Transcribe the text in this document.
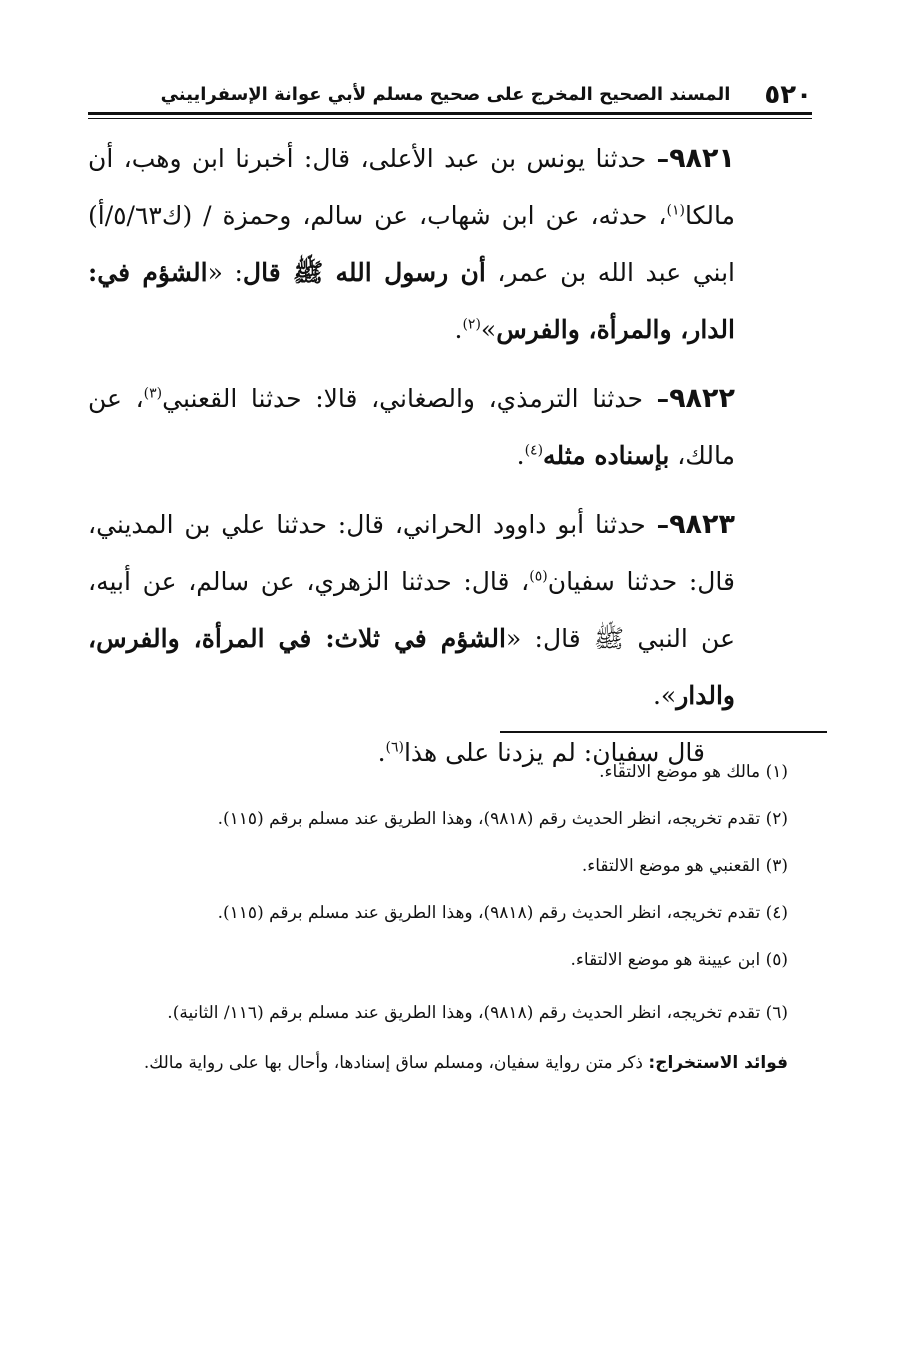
٥٢٠
المسند الصحيح المخرج على صحيح مسلم لأبي عوانة الإسفراييني

٩٨٢١– حدثنا يونس بن عبد الأعلى، قال: أخبرنا ابن وهب، أن مالكا$^{(١)}$، حدثه، عن ابن شهاب، عن سالم، وحمزة / (ك٥/٦٣/أ) ابني عبد الله بن عمر، أن رسول الله ﷺ قال: «الشؤم في: الدار، والمرأة، والفرس»$^{(٢)}$.

٩٨٢٢– حدثنا الترمذي، والصغاني، قالا: حدثنا القعنبي$^{(٣)}$، عن مالك، بإسناده مثله$^{(٤)}$.

٩٨٢٣– حدثنا أبو داوود الحراني، قال: حدثنا علي بن المديني، قال: حدثنا سفيان$^{(٥)}$، قال: حدثنا الزهري، عن سالم، عن أبيه، عن النبي ﷺ قال: «الشؤم في ثلاث: في المرأة، والفرس، والدار».
قال سفيان: لم يزدنا على هذا$^{(٦)}$.

(١) مالك هو موضع الالتقاء.

(٢) تقدم تخريجه، انظر الحديث رقم (٩٨١٨)، وهذا الطريق عند مسلم برقم (١١٥).

(٣) القعنبي هو موضع الالتقاء.

(٤) تقدم تخريجه، انظر الحديث رقم (٩٨١٨)، وهذا الطريق عند مسلم برقم (١١٥).

(٥) ابن عيينة هو موضع الالتقاء.

(٦) تقدم تخريجه، انظر الحديث رقم (٩٨١٨)، وهذا الطريق عند مسلم برقم (١١٦/ الثانية).

فوائد الاستخراج: ذكر متن رواية سفيان، ومسلم ساق إسنادها، وأحال بها على رواية مالك.
